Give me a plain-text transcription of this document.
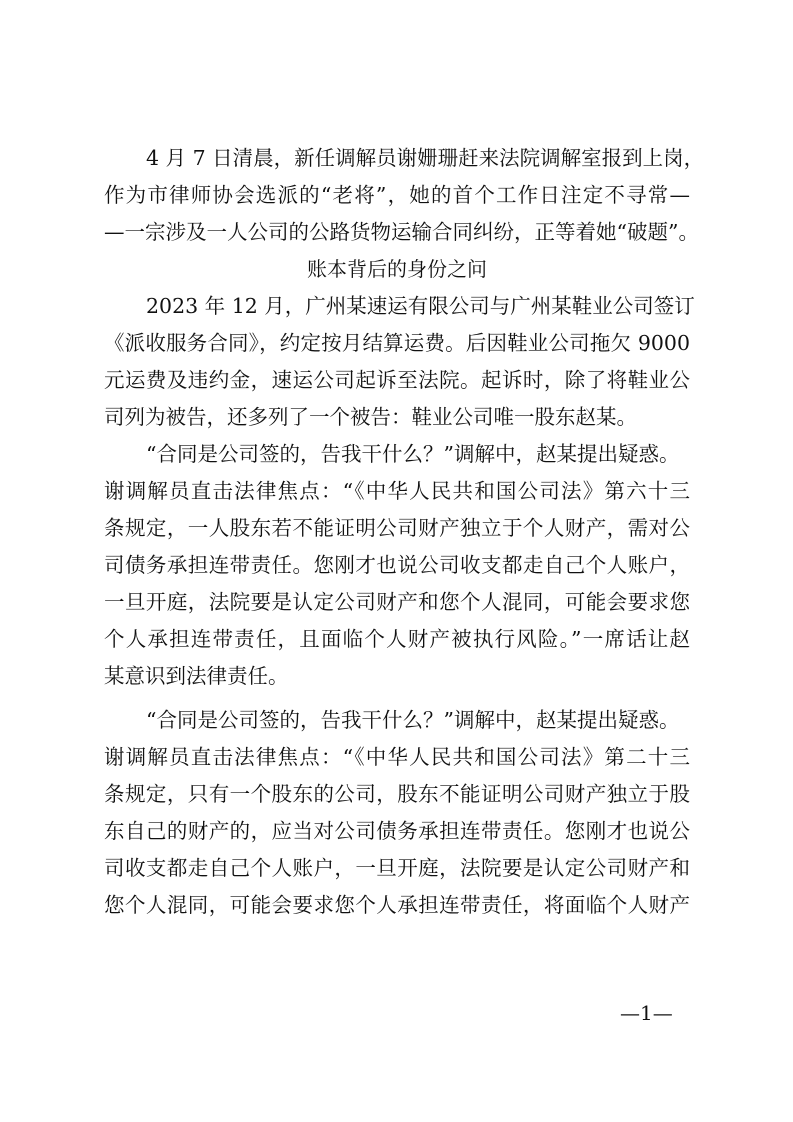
4 月 7 日清晨，新任调解员谢姗珊赶来法院调解室报到上岗，
作为市律师协会选派的“老将”，她的首个工作日注定不寻常—
—一宗涉及一人公司的公路货物运输合同纠纷，正等着她“破题”。
账本背后的身份之问
2023 年 12 月，广州某速运有限公司与广州某鞋业公司签订
《派收服务合同》，约定按月结算运费。后因鞋业公司拖欠 9000
元运费及违约金，速运公司起诉至法院。起诉时，除了将鞋业公
司列为被告，还多列了一个被告：鞋业公司唯一股东赵某。
“合同是公司签的，告我干什么？”调解中，赵某提出疑惑。
谢调解员直击法律焦点：“《中华人民共和国公司法》第六十三
条规定，一人股东若不能证明公司财产独立于个人财产，需对公
司债务承担连带责任。您刚才也说公司收支都走自己个人账户，
一旦开庭，法院要是认定公司财产和您个人混同，可能会要求您
个人承担连带责任，且面临个人财产被执行风险。”一席话让赵
某意识到法律责任。
“合同是公司签的，告我干什么？”调解中，赵某提出疑惑。
谢调解员直击法律焦点：“《中华人民共和国公司法》第二十三
条规定，只有一个股东的公司，股东不能证明公司财产独立于股
东自己的财产的，应当对公司债务承担连带责任。您刚才也说公
司收支都走自己个人账户，一旦开庭，法院要是认定公司财产和
您个人混同，可能会要求您个人承担连带责任，将面临个人财产
—1—
